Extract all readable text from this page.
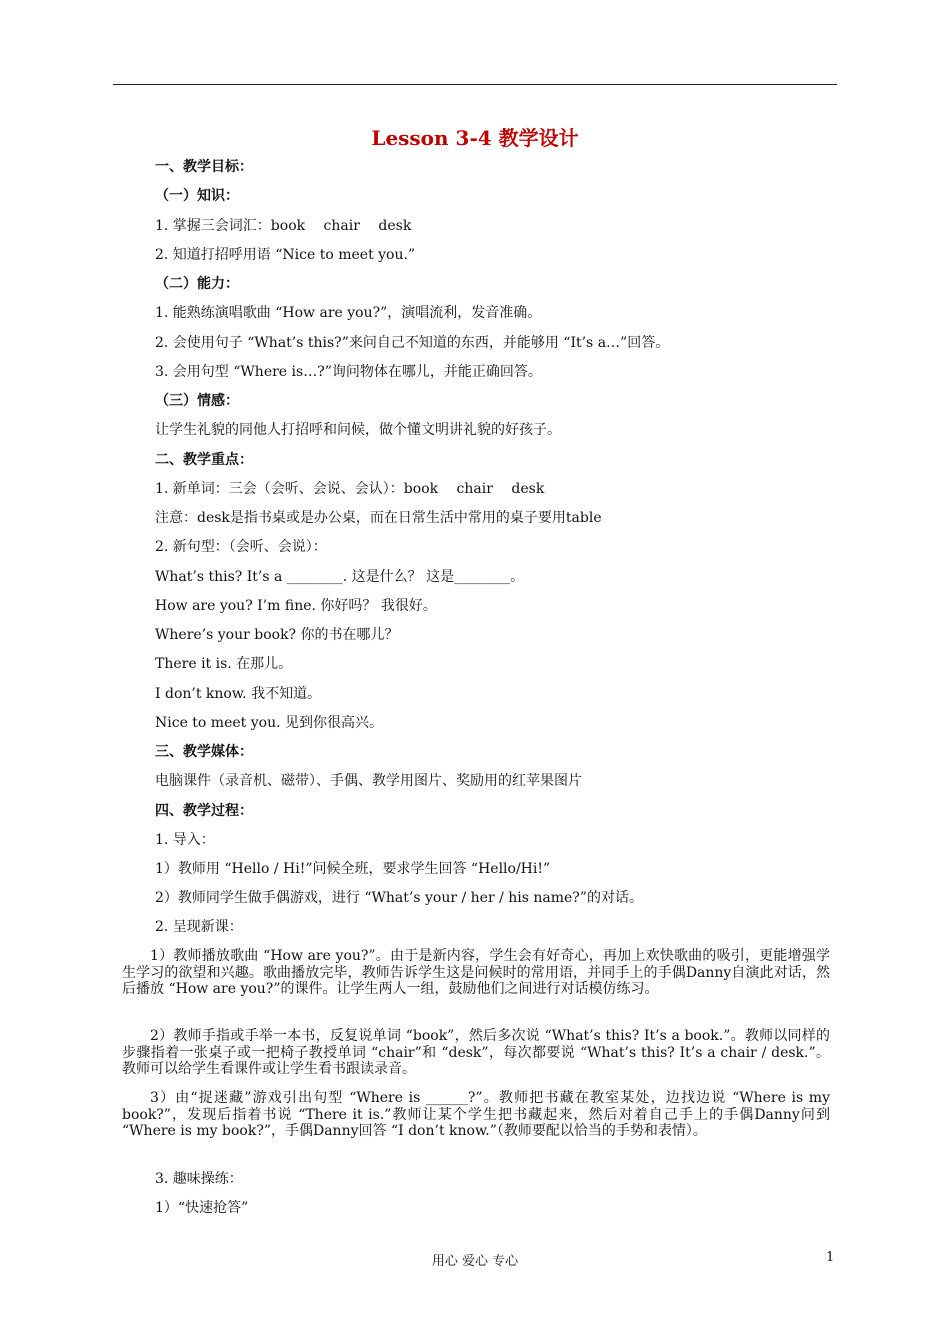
Lesson 3-4 教学设计
一、教学目标：
（一）知识：
1. 掌握三会词汇：book　 chair　 desk
2. 知道打招呼用语 “Nice to meet you.”
（二）能力：
1. 能熟练演唱歌曲 “How are you?”，演唱流利，发音准确。
2. 会使用句子 “What’s this?”来问自己不知道的东西，并能够用 “It’s a…”回答。
3. 会用句型 “Where is…?”询问物体在哪儿，并能正确回答。
（三）情感：
让学生礼貌的同他人打招呼和问候，做个懂文明讲礼貌的好孩子。
二、教学重点：
1. 新单词：三会（会听、会说、会认）：book　 chair　 desk
注意：desk是指书桌或是办公桌，而在日常生活中常用的桌子要用table
2. 新句型：（会听、会说）：
What’s this? It’s a ________. 这是什么？ 这是________。
How are you? I’m fine. 你好吗？ 我很好。
Where’s your book? 你的书在哪儿？
There it is. 在那儿。
I don’t know. 我不知道。
Nice to meet you. 见到你很高兴。
三、教学媒体：
电脑课件（录音机、磁带）、手偶、教学用图片、奖励用的红苹果图片
四、教学过程：
1. 导入：
1）教师用 “Hello / Hi!”问候全班，要求学生回答 “Hello/Hi!”
2）教师同学生做手偶游戏，进行 “What’s your / her / his name?”的对话。
2. 呈现新课：
1）教师播放歌曲 “How are you?”。由于是新内容，学生会有好奇心，再加上欢快歌曲的吸引，更能增强学生学习的欲望和兴趣。歌曲播放完毕，教师告诉学生这是问候时的常用语，并同手上的手偶Danny自演此对话，然后播放 “How are you?”的课件。让学生两人一组，鼓励他们之间进行对话模仿练习。
2）教师手指或手举一本书，反复说单词 “book”，然后多次说 “What’s this? It’s a book.”。教师以同样的步骤指着一张桌子或一把椅子教授单词 “chair”和 “desk”，每次都要说 “What’s this? It’s a chair / desk.”。教师可以给学生看课件或让学生看书跟读录音。
3）由“捉迷藏”游戏引出句型 “Where is ______?”。教师把书藏在教室某处，边找边说 “Where is my book?”，发现后指着书说 “There it is.”教师让某个学生把书藏起来，然后对着自己手上的手偶Danny问到 “Where is my book?”，手偶Danny回答 “I don’t know.”（教师要配以恰当的手势和表情）。
3. 趣味操练：
1）“快速抢答”
用心 爱心 专心	1
